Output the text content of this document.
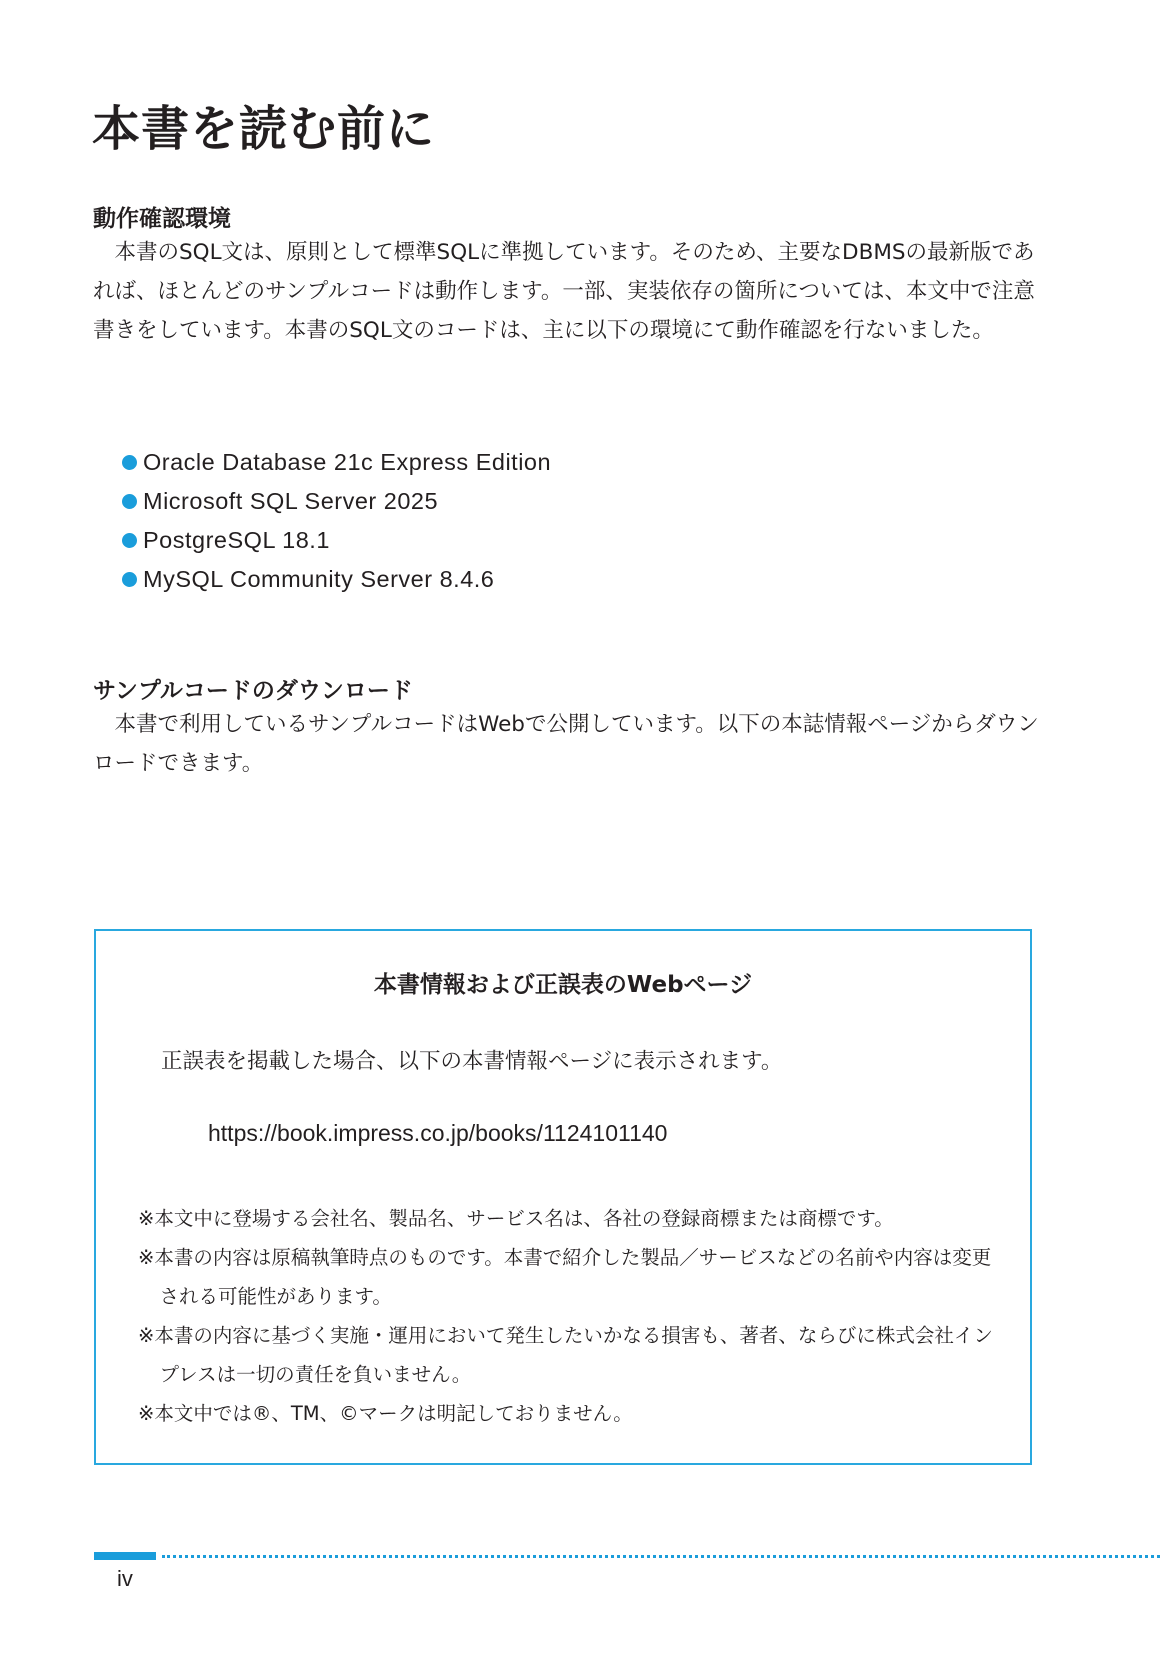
本書を読む前に
動作確認環境

本書のSQL文は、原則として標準SQLに準拠しています。そのため、主要なDBMSの最新版であれば、ほとんどのサンプルコードは動作します。一部、実装依存の箇所については、本文中で注意書きをしています。本書のSQL文のコードは、主に以下の環境にて動作確認を行ないました。

Oracle Database 21c Express Edition
Microsoft SQL Server 2025
PostgreSQL 18.1
MySQL Community Server 8.4.6
サンプルコードのダウンロード

本書で利用しているサンプルコードはWebで公開しています。以下の本誌情報ページからダウンロードできます。

本書情報および正誤表のWebページ

正誤表を掲載した場合、以下の本書情報ページに表示されます。

https://book.impress.co.jp/books/1124101140

※本文中に登場する会社名、製品名、サービス名は、各社の登録商標または商標です。
※本書の内容は原稿執筆時点のものです。本書で紹介した製品／サービスなどの名前や内容は変更される可能性があります。
※本書の内容に基づく実施・運用において発生したいかなる損害も、著者、ならびに株式会社インプレスは一切の責任を負いません。
※本文中では®、TM、©マークは明記しておりません。

iv
